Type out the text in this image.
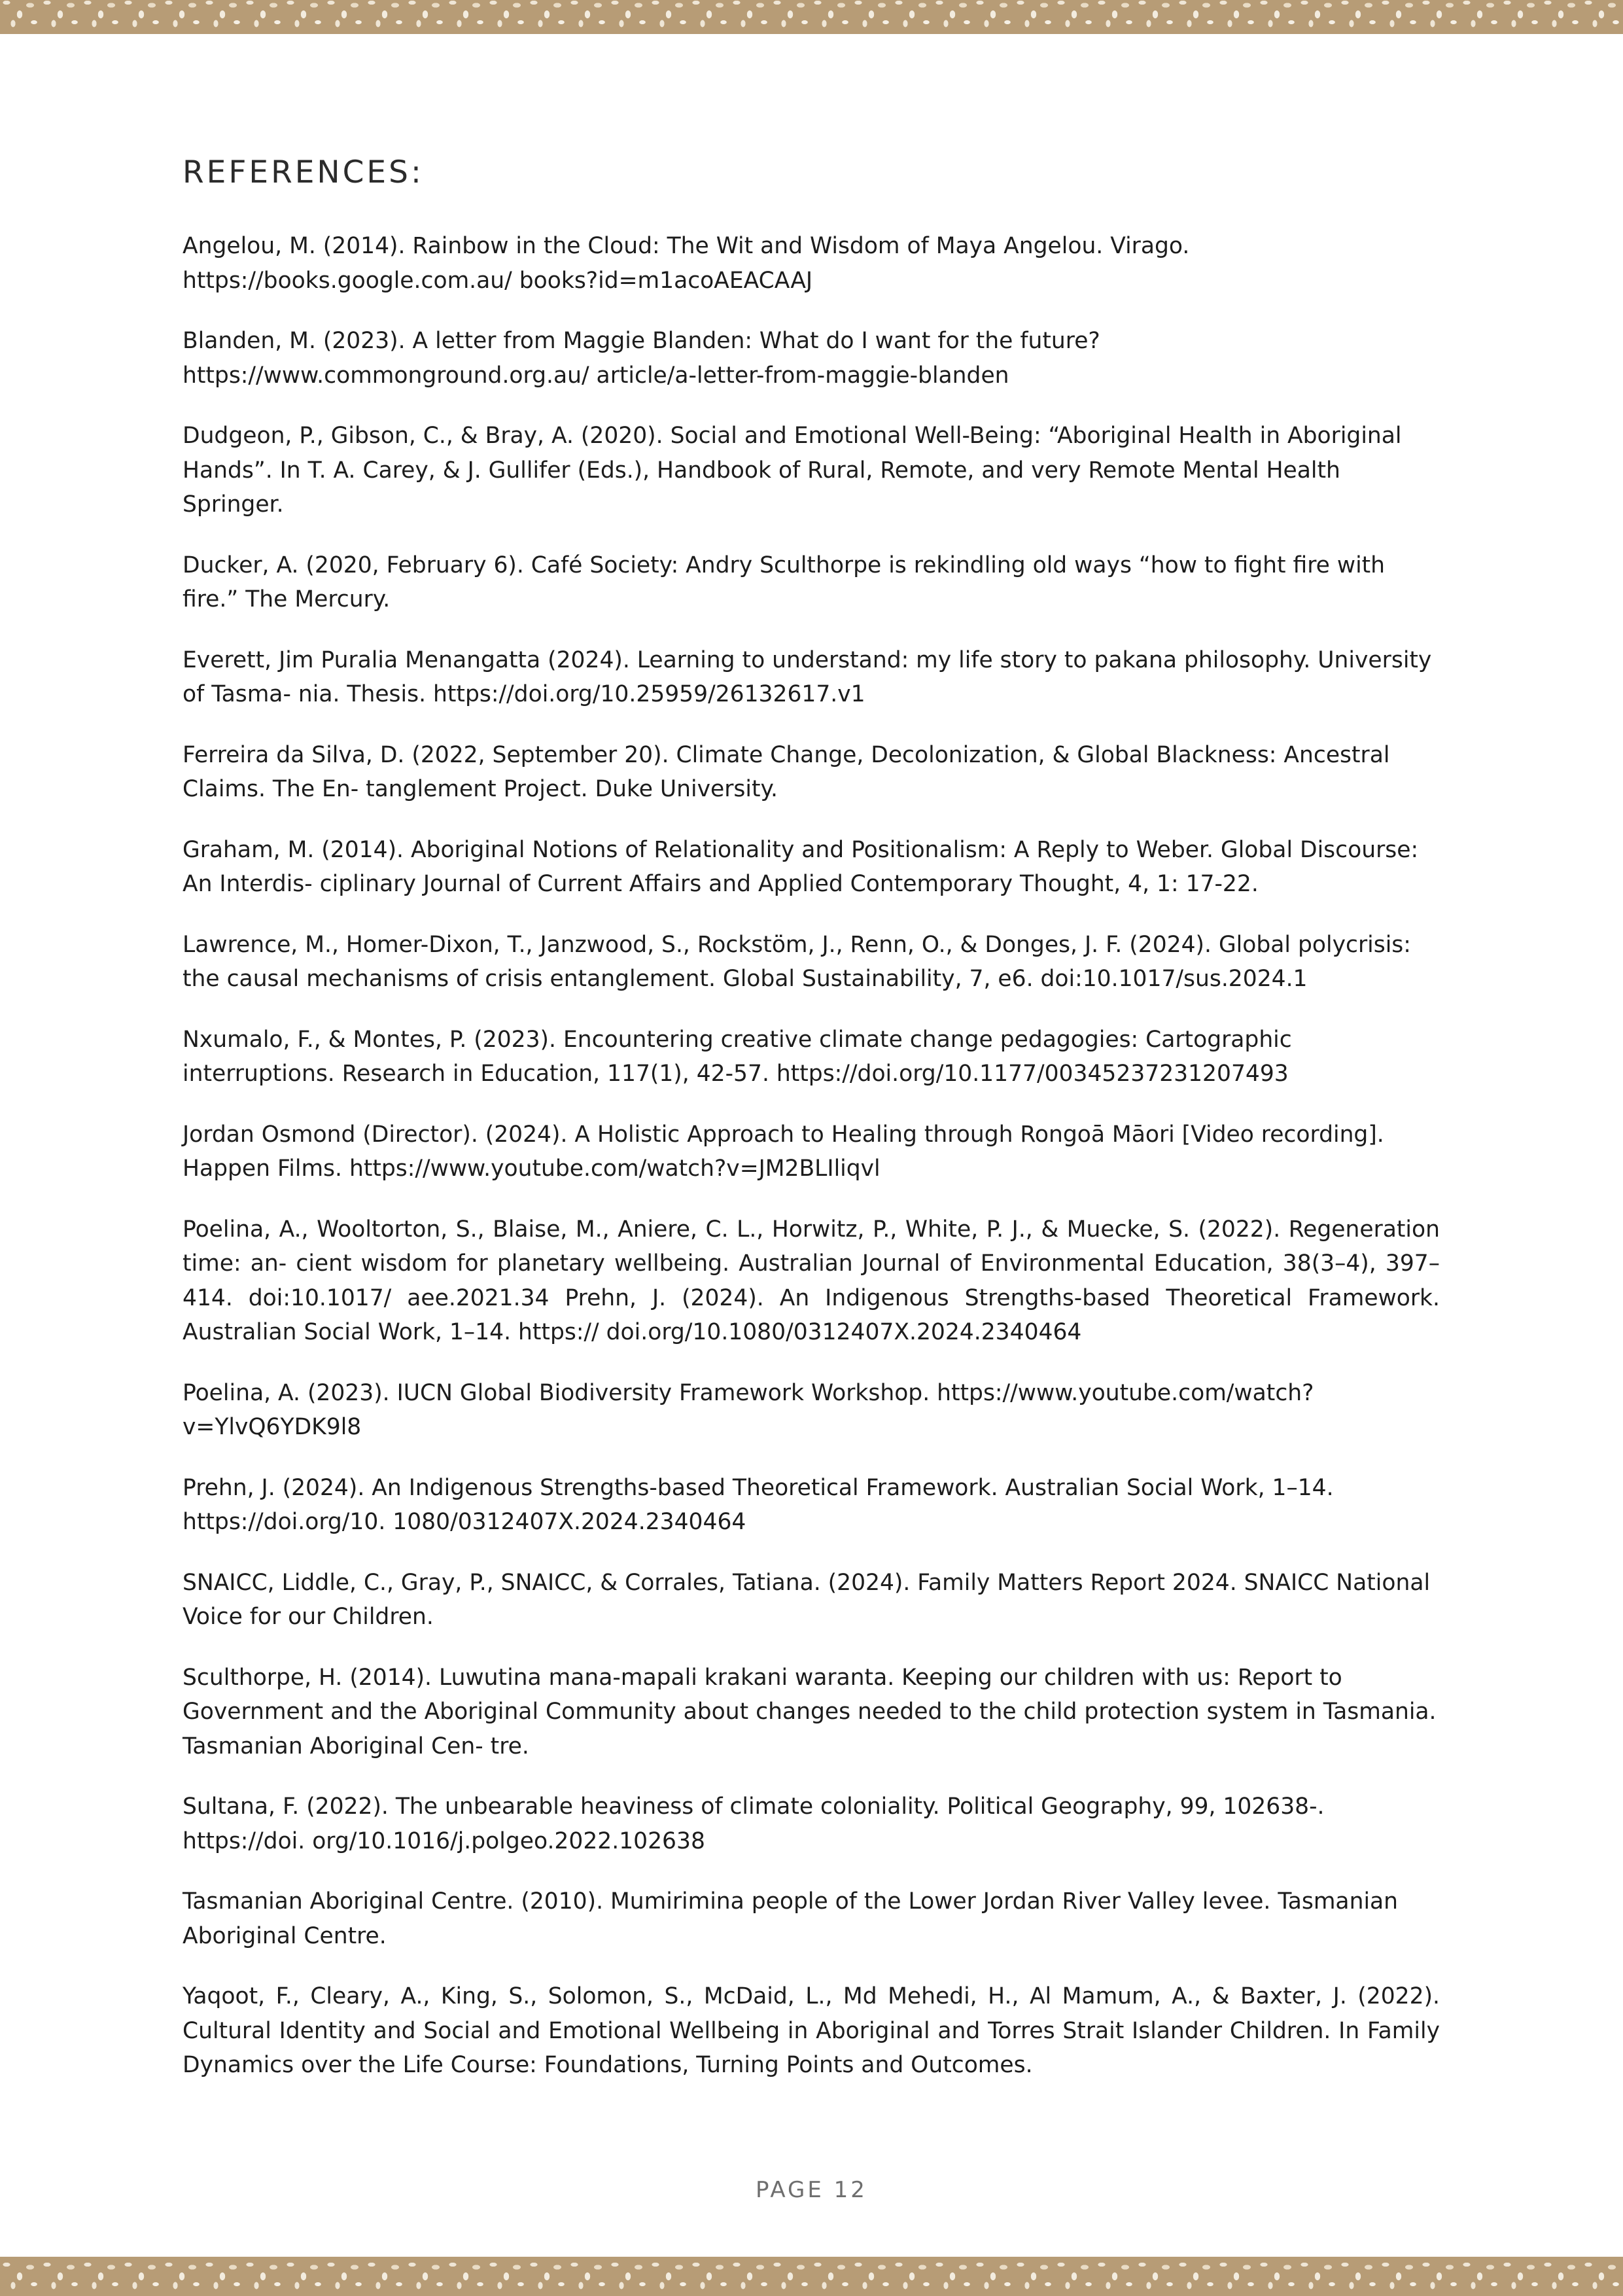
REFERENCES:
Angelou, M. (2014). Rainbow in the Cloud: The Wit and Wisdom of Maya Angelou. Virago. https://books.google.com.au/ books?id=m1acoAEACAAJ
Blanden, M. (2023). A letter from Maggie Blanden: What do I want for the future? https://www.commonground.org.au/ article/a-letter-from-maggie-blanden
Dudgeon, P., Gibson, C., & Bray, A. (2020). Social and Emotional Well-Being: “Aboriginal Health in Aboriginal Hands”. In T. A. Carey, & J. Gullifer (Eds.), Handbook of Rural, Remote, and very Remote Mental Health Springer.
Ducker, A. (2020, February 6). Café Society: Andry Sculthorpe is rekindling old ways “how to fight fire with fire.” The Mercury.
Everett, Jim Puralia Menangatta (2024). Learning to understand: my life story to pakana philosophy. University of Tasma- nia. Thesis. https://doi.org/10.25959/26132617.v1
Ferreira da Silva, D. (2022, September 20). Climate Change, Decolonization, & Global Blackness: Ancestral Claims. The En- tanglement Project. Duke University.
Graham, M. (2014). Aboriginal Notions of Relationality and Positionalism: A Reply to Weber. Global Discourse: An Interdis- ciplinary Journal of Current Affairs and Applied Contemporary Thought, 4, 1: 17-22.
Lawrence, M., Homer-Dixon, T., Janzwood, S., Rockstöm, J., Renn, O., & Donges, J. F. (2024). Global polycrisis: the causal mechanisms of crisis entanglement. Global Sustainability, 7, e6. doi:10.1017/sus.2024.1
Nxumalo, F., & Montes, P. (2023). Encountering creative climate change pedagogies: Cartographic interruptions. Research in Education, 117(1), 42-57. https://doi.org/10.1177/00345237231207493
Jordan Osmond (Director). (2024). A Holistic Approach to Healing through Rongoā Māori [Video recording]. Happen Films. https://www.youtube.com/watch?v=JM2BLIliqvl
Poelina, A., Wooltorton, S., Blaise, M., Aniere, C. L., Horwitz, P., White, P. J., & Muecke, S. (2022). Regeneration time: an- cient wisdom for planetary wellbeing. Australian Journal of Environmental Education, 38(3–4), 397–414. doi:10.1017/ aee.2021.34 Prehn, J. (2024). An Indigenous Strengths-based Theoretical Framework. Australian Social Work, 1–14. https:// doi.org/10.1080/0312407X.2024.2340464
Poelina, A. (2023). IUCN Global Biodiversity Framework Workshop. https://www.youtube.com/watch? v=YlvQ6YDK9l8
Prehn, J. (2024). An Indigenous Strengths-based Theoretical Framework. Australian Social Work, 1–14. https://doi.org/10. 1080/0312407X.2024.2340464
SNAICC, Liddle, C., Gray, P., SNAICC, & Corrales, Tatiana. (2024). Family Matters Report 2024. SNAICC National Voice for our Children.
Sculthorpe, H. (2014). Luwutina mana-mapali krakani waranta. Keeping our children with us: Report to Government and the Aboriginal Community about changes needed to the child protection system in Tasmania. Tasmanian Aboriginal Cen- tre.
Sultana, F. (2022). The unbearable heaviness of climate coloniality. Political Geography, 99, 102638-. https://doi. org/10.1016/j.polgeo.2022.102638
Tasmanian Aboriginal Centre. (2010). Mumirimina people of the Lower Jordan River Valley levee. Tasmanian Aboriginal Centre.
Yaqoot, F., Cleary, A., King, S., Solomon, S., McDaid, L., Md Mehedi, H., Al Mamum, A., & Baxter, J. (2022). Cultural Identity and Social and Emotional Wellbeing in Aboriginal and Torres Strait Islander Children. In Family Dynamics over the Life Course: Foundations, Turning Points and Outcomes.
PAGE 12
